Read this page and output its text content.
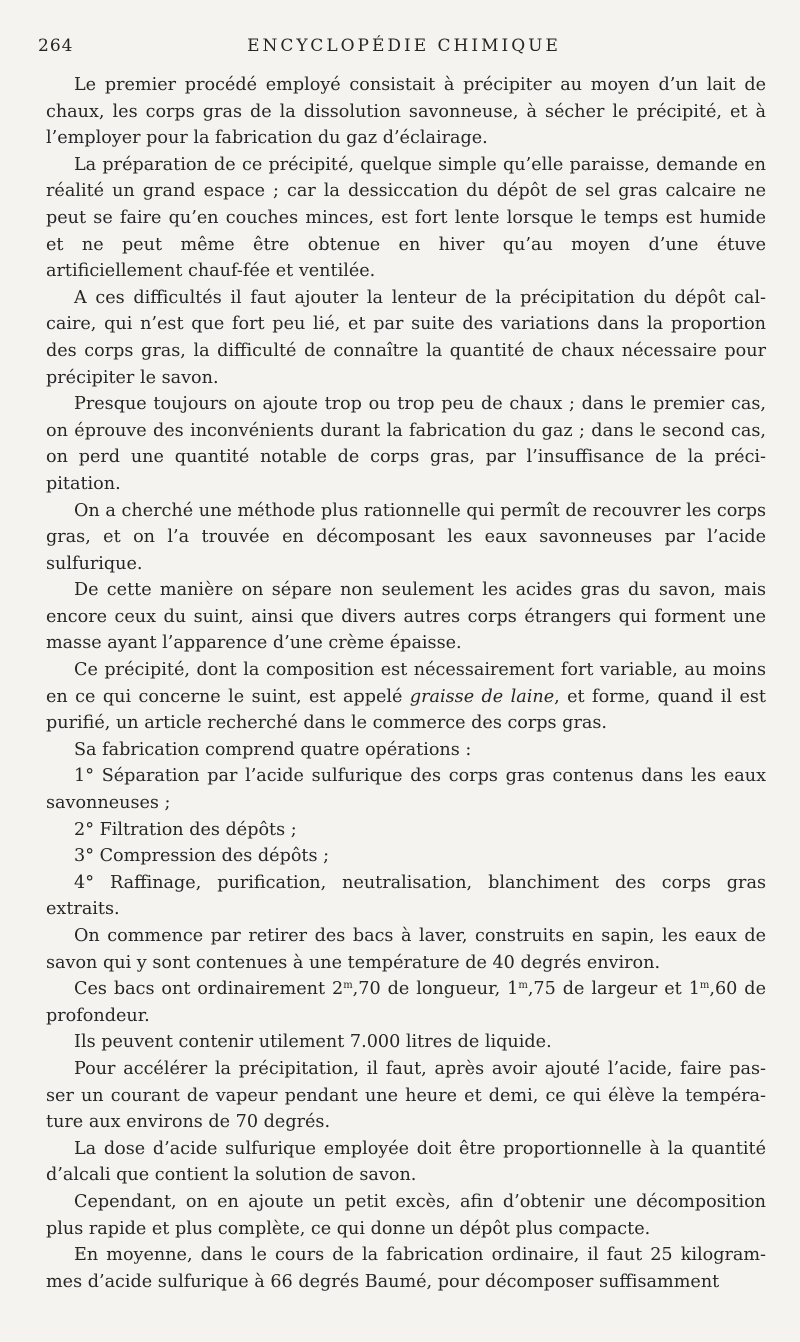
264	ENCYCLOPÉDIE CHIMIQUE

Le premier procédé employé consistait à précipiter au moyen d’un lait de chaux, les corps gras de la dissolution savonneuse, à sécher le précipité, et à l’employer pour la fabrication du gaz d’éclairage.

La préparation de ce précipité, quelque simple qu’elle paraisse, demande en réalité un grand espace ; car la dessiccation du dépôt de sel gras calcaire ne peut se faire qu’en couches minces, est fort lente lorsque le temps est humide et ne peut même être obtenue en hiver qu’au moyen d’une étuve artificiellement chauf-fée et ventilée.

A ces difficultés il faut ajouter la lenteur de la précipitation du dépôt cal-caire, qui n’est que fort peu lié, et par suite des variations dans la proportion des corps gras, la difficulté de connaître la quantité de chaux nécessaire pour précipiter le savon.

Presque toujours on ajoute trop ou trop peu de chaux ; dans le premier cas, on éprouve des inconvénients durant la fabrication du gaz ; dans le second cas, on perd une quantité notable de corps gras, par l’insuffisance de la préci-pitation.

On a cherché une méthode plus rationnelle qui permît de recouvrer les corps gras, et on l’a trouvée en décomposant les eaux savonneuses par l’acide sulfurique.

De cette manière on sépare non seulement les acides gras du savon, mais encore ceux du suint, ainsi que divers autres corps étrangers qui forment une masse ayant l’apparence d’une crème épaisse.

Ce précipité, dont la composition est nécessairement fort variable, au moins en ce qui concerne le suint, est appelé graisse de laine, et forme, quand il est purifié, un article recherché dans le commerce des corps gras.

Sa fabrication comprend quatre opérations :

1° Séparation par l’acide sulfurique des corps gras contenus dans les eaux savonneuses ;

2° Filtration des dépôts ;

3° Compression des dépôts ;

4° Raffinage, purification, neutralisation, blanchiment des corps gras extraits.

On commence par retirer des bacs à laver, construits en sapin, les eaux de savon qui y sont contenues à une température de 40 degrés environ.

Ces bacs ont ordinairement 2$^m$,70 de longueur, 1$^m$,75 de largeur et 1$^m$,60 de profondeur.

Ils peuvent contenir utilement 7.000 litres de liquide.

Pour accélérer la précipitation, il faut, après avoir ajouté l’acide, faire pas-ser un courant de vapeur pendant une heure et demi, ce qui élève la tempéra-ture aux environs de 70 degrés.

La dose d’acide sulfurique employée doit être proportionnelle à la quantité d’alcali que contient la solution de savon.

Cependant, on en ajoute un petit excès, afin d’obtenir une décomposition plus rapide et plus complète, ce qui donne un dépôt plus compacte.

En moyenne, dans le cours de la fabrication ordinaire, il faut 25 kilogram-mes d’acide sulfurique à 66 degrés Baumé, pour décomposer suffisamment
